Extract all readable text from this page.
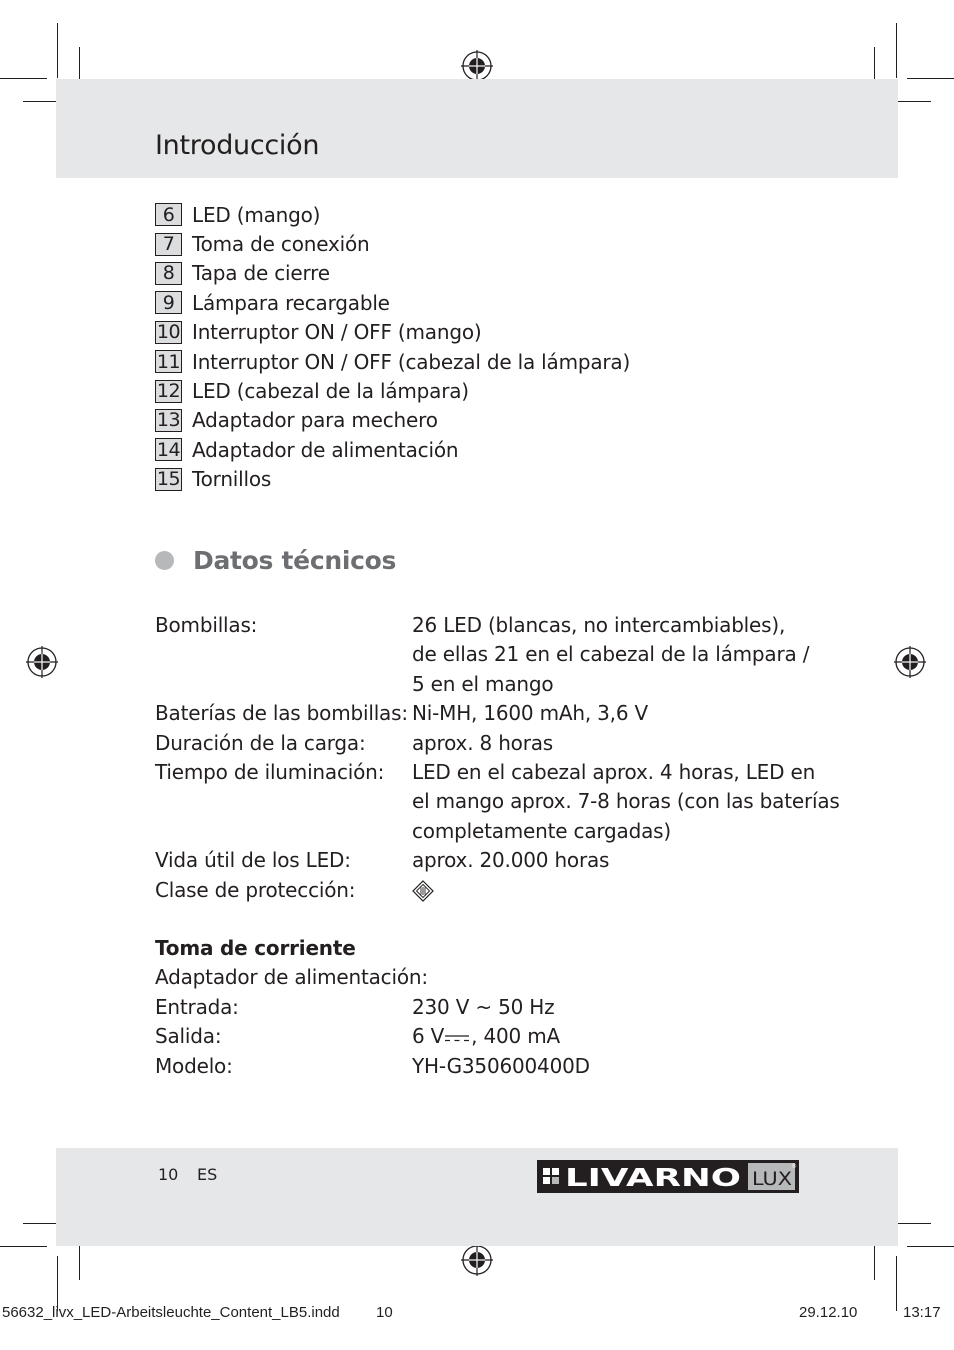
Introducción
6 LED (mango)
7 Toma de conexión
8 Tapa de cierre
9 Lámpara recargable
10 Interruptor ON / OFF (mango)
11 Interruptor ON / OFF (cabezal de la lámpara)
12 LED (cabezal de la lámpara)
13 Adaptador para mechero
14 Adaptador de alimentación
15 Tornillos
Datos técnicos
Bombillas:	26 LED (blancas, no intercambiables),
de ellas 21 en el cabezal de la lámpara /
5 en el mango
Baterías de las bombillas: Ni-MH, 1600 mAh, 3,6 V
Duración de la carga:	aprox. 8 horas
Tiempo de iluminación:	LED en el cabezal aprox. 4 horas, LED en
el mango aprox. 7-8 horas (con las baterías
completamente cargadas)
Vida útil de los LED:	aprox. 20.000 horas
Clase de protección:
Toma de corriente
Adaptador de alimentación:
Entrada:	230 V ~ 50 Hz
Salida:	6 V , 400 mA
Modelo:	YH-G350600400D
10 ES	LIVARNO LUX
®
56632_livx_LED-Arbeitsleuchte_Content_LB5.indd 10	29.12.10	13:17
